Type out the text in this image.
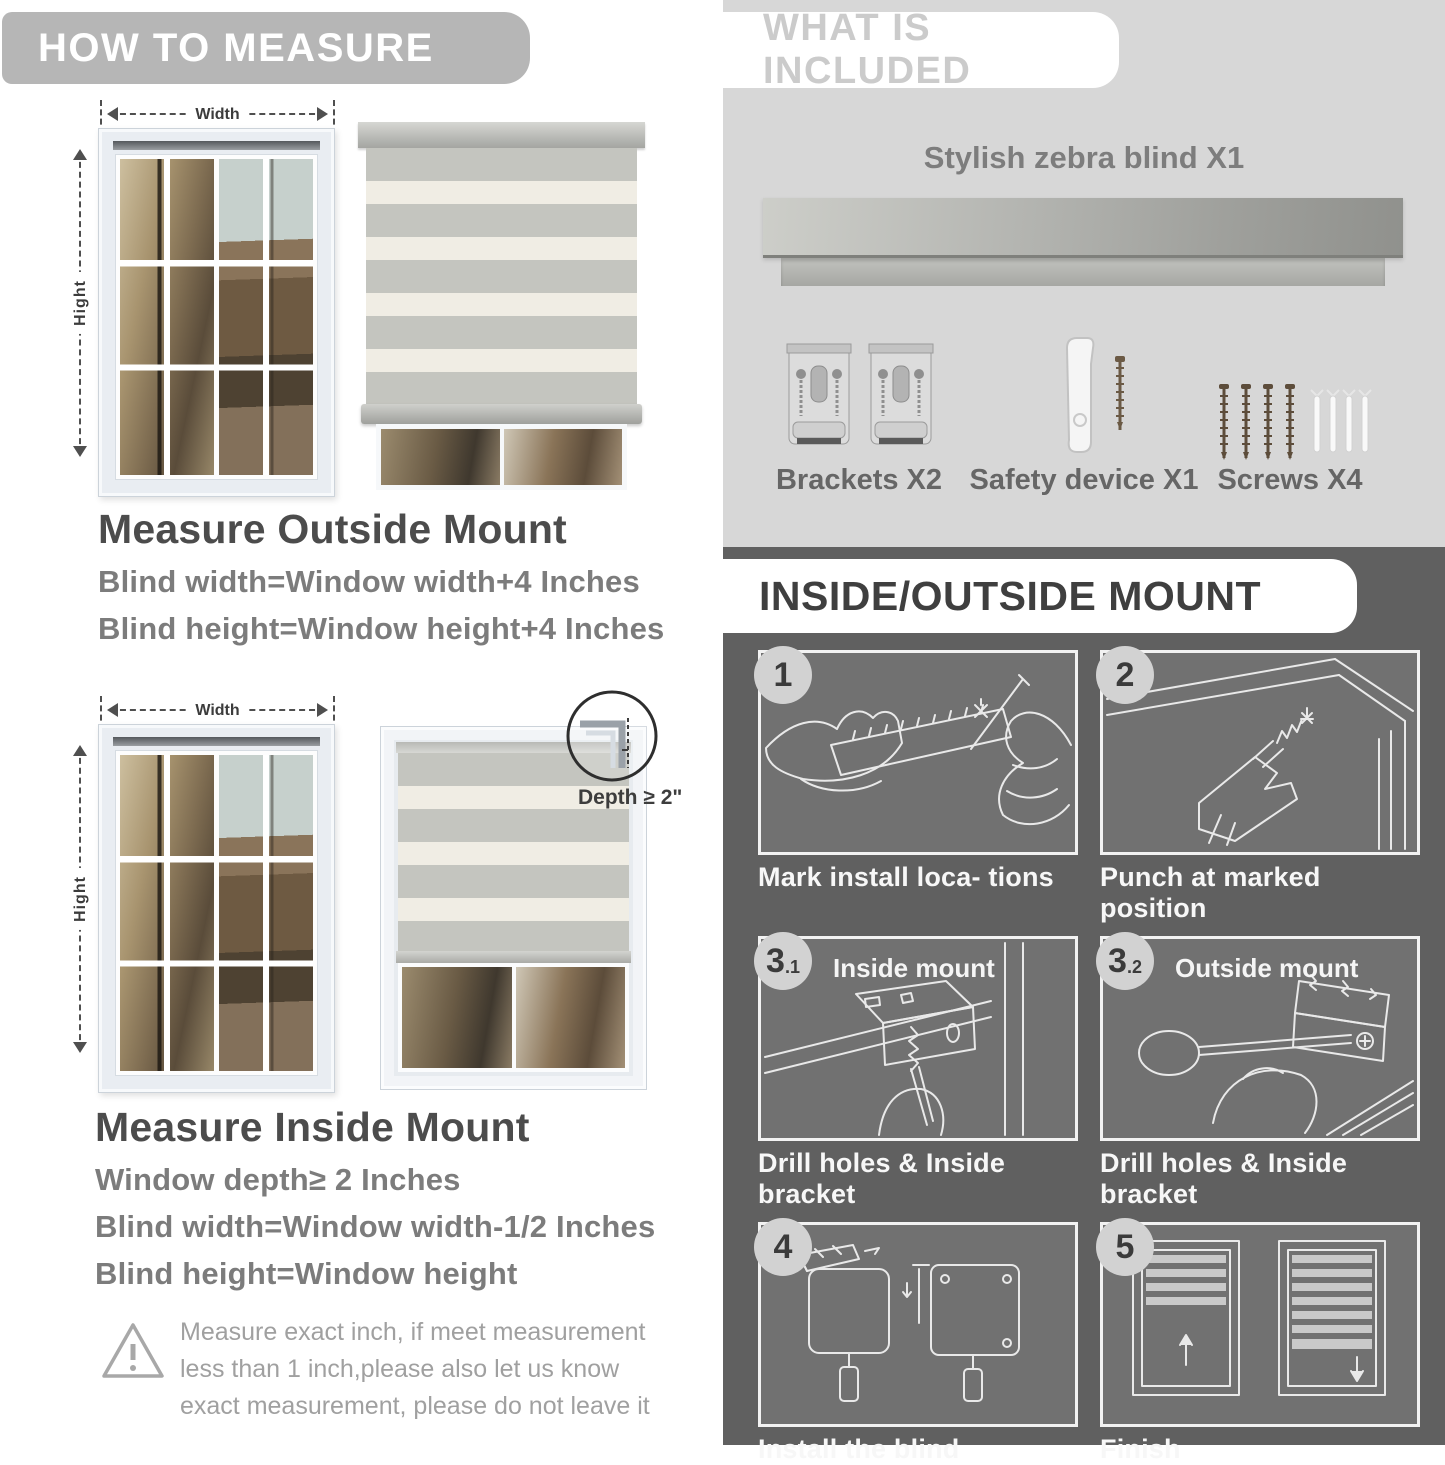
HOW TO MEASURE
Width
Hight
Measure Outside Mount

Blind width=Window width+4 Inches

Blind height=Window height+4 Inches

Width
Hight
Depth ≥ 2"
Measure Inside Mount

Window depth≥ 2 Inches

Blind width=Window width-1/2 Inches

Blind height=Window height

Measure exact inch, if meet measurement less than 1 inch,please also let us know exact measurement, please do not leave it
WHAT IS INCLUDED
Stylish zebra blind X1
Brackets X2 Safety device X1 Screws X4
INSIDE/OUTSIDE MOUNT
1
Mark install loca- tions
2
Punch at marked position
3 .1 Inside mount
Drill holes & Inside bracket
3 .2 Outside mount
Drill holes & Inside bracket
4
Install the blind
5
Finish
